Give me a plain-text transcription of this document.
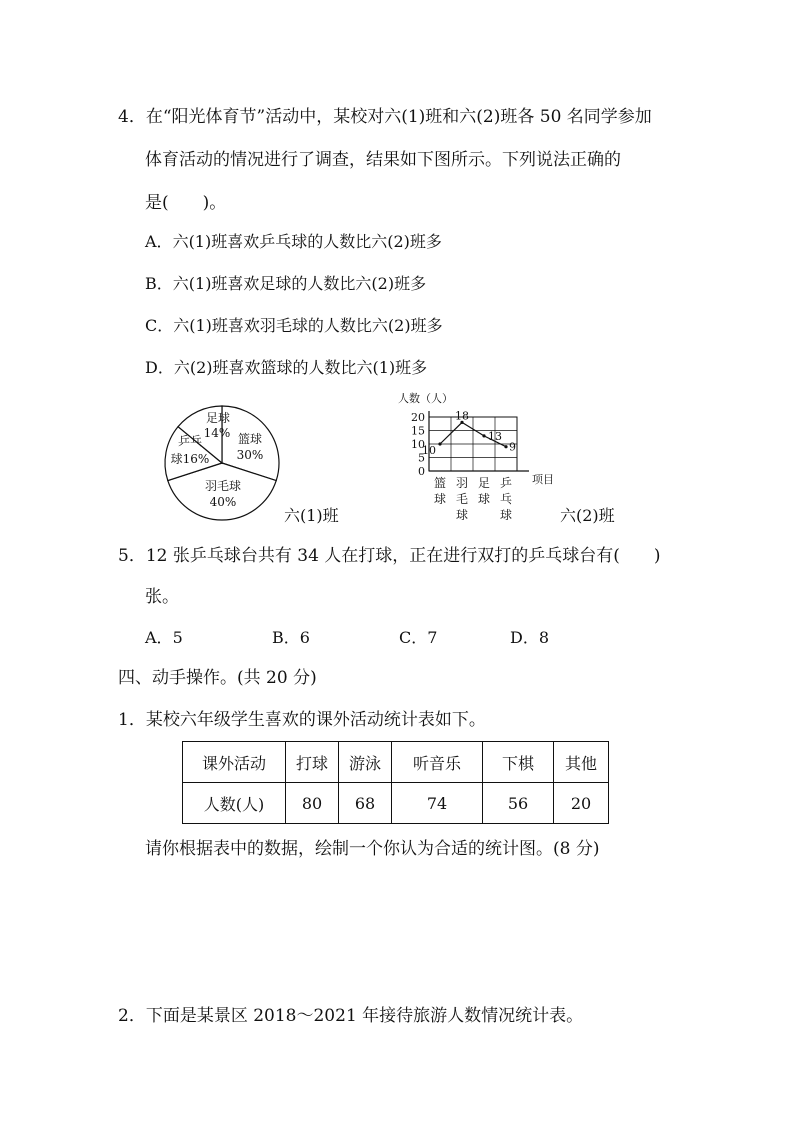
4．在“阳光体育节”活动中，某校对六(1)班和六(2)班各 50 名同学参加
体育活动的情况进行了调查，结果如下图所示。下列说法正确的
是(　　)。
A．六(1)班喜欢乒乓球的人数比六(2)班多
B．六(1)班喜欢足球的人数比六(2)班多
C．六(1)班喜欢羽毛球的人数比六(2)班多
D．六(2)班喜欢篮球的人数比六(1)班多
足球
14% 篮球
30%
乒乓
球16%
羽毛球
40%
六(1)班
人数（人）
项目
0
5
10
15
20
篮
球
羽
毛
球
足
球
乒
乓
球
10
18
13
9
六(2)班
5．12 张乒乓球台共有 34 人在打球，正在进行双打的乒乓球台有(　　)
张。
A．5	B．6	C．7	D．8
四、动手操作。(共 20 分)
1．某校六年级学生喜欢的课外活动统计表如下。
课外活动	打球	游泳	听音乐	下棋	其他
人数(人)	80	68	74	56	20
请你根据表中的数据，绘制一个你认为合适的统计图。(8 分)
2．下面是某景区 2018～2021 年接待旅游人数情况统计表。
